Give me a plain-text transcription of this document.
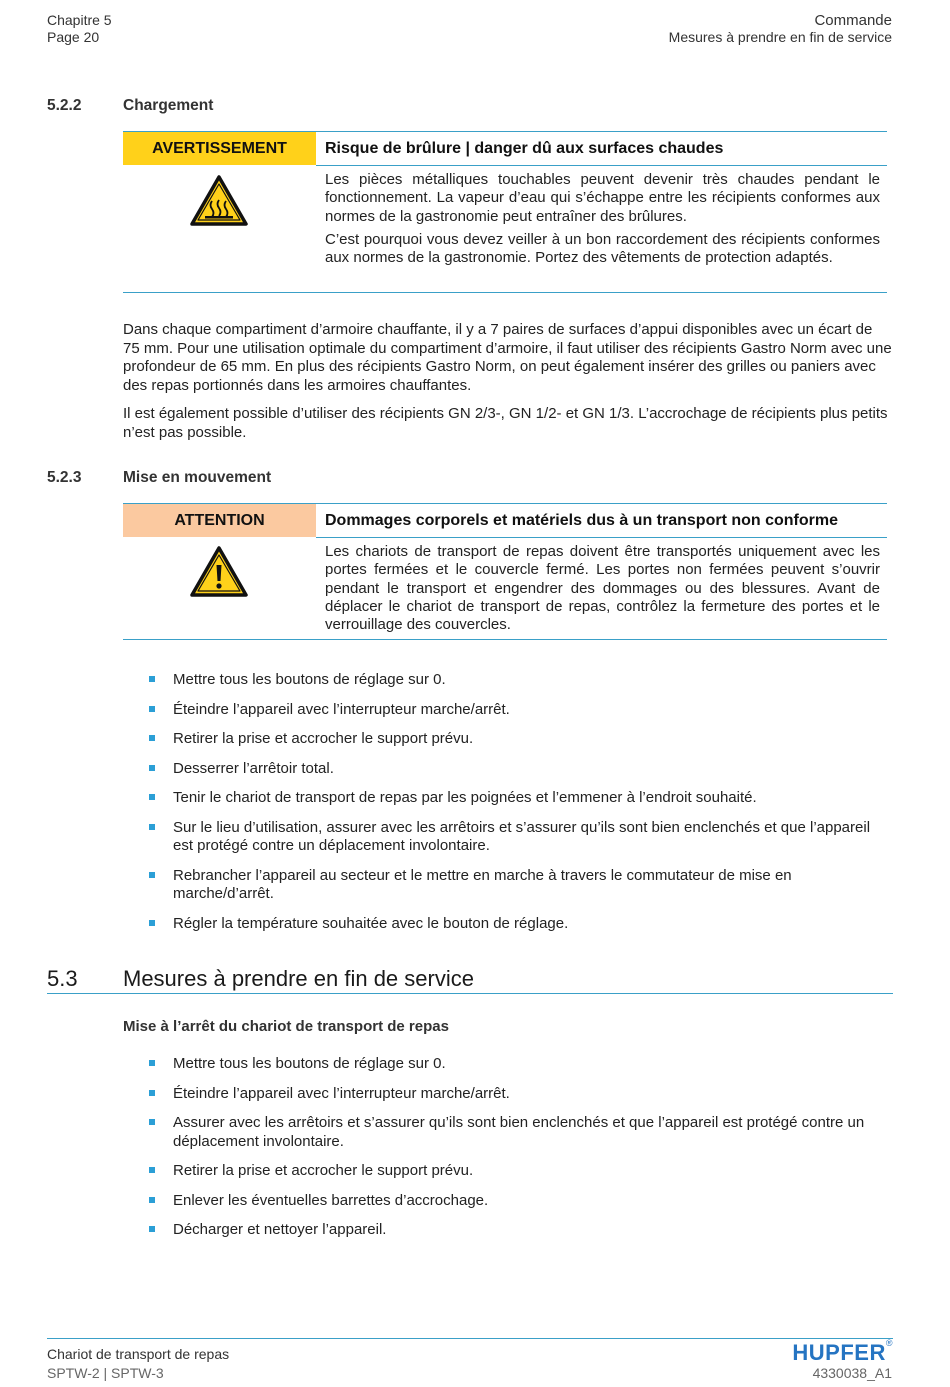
Chapitre 5
Page 20
Commande
Mesures à prendre en fin de service
5.2.2	Chargement
AVERTISSEMENT	Risque de brûlure | danger dû aux surfaces chaudes

Les pièces métalliques touchables peuvent devenir très chaudes pendant le fonctionnement. La vapeur d’eau qui s’échappe entre les récipients conformes aux normes de la gastronomie peut entraîner des brûlures.

C’est pourquoi vous devez veiller à un bon raccordement des récipients conformes aux normes de la gastronomie. Portez des vêtements de protection adaptés.

Dans chaque compartiment d’armoire chauffante, il y a 7 paires de surfaces d’appui disponibles avec un écart de 75 mm. Pour une utilisation optimale du compartiment d’armoire, il faut utiliser des récipients Gastro Norm avec une profondeur de 65 mm. En plus des récipients Gastro Norm, on peut également insérer des grilles ou paniers avec des repas portionnés dans les armoires chauffantes.
Il est également possible d’utiliser des récipients GN 2/3-, GN 1/2- et GN 1/3. L’accrochage de récipients plus petits n’est pas possible.
5.2.3	Mise en mouvement
ATTENTION	Dommages corporels et matériels dus à un transport non conforme

Les chariots de transport de repas doivent être transportés uniquement avec les portes fermées et le couvercle fermé. Les portes non fermées peuvent s’ouvrir pendant le transport et engendrer des dommages ou des blessures. Avant de déplacer le chariot de transport de repas, contrôlez la fermeture des portes et le verrouillage des couvercles.

Mettre tous les boutons de réglage sur 0.
Éteindre l’appareil avec l’interrupteur marche/arrêt.
Retirer la prise et accrocher le support prévu.
Desserrer l’arrêtoir total.
Tenir le chariot de transport de repas par les poignées et l’emmener à l’endroit souhaité.
Sur le lieu d’utilisation, assurer avec les arrêtoirs et s’assurer qu’ils sont bien enclenchés et que l’appareil est protégé contre un déplacement involontaire.
Rebrancher l’appareil au secteur et le mettre en marche à travers le commutateur de mise en marche/d’arrêt.
Régler la température souhaitée avec le bouton de réglage.
5.3 Mesures à prendre en fin de service
Mise à l’arrêt du chariot de transport de repas
Mettre tous les boutons de réglage sur 0.
Éteindre l’appareil avec l’interrupteur marche/arrêt.
Assurer avec les arrêtoirs et s’assurer qu’ils sont bien enclenchés et que l’appareil est protégé contre un déplacement involontaire.
Retirer la prise et accrocher le support prévu.
Enlever les éventuelles barrettes d’accrochage.
Décharger et nettoyer l’appareil.
Chariot de transport de repas
SPTW-2 | SPTW-3
HUPFER®
4330038_A1
